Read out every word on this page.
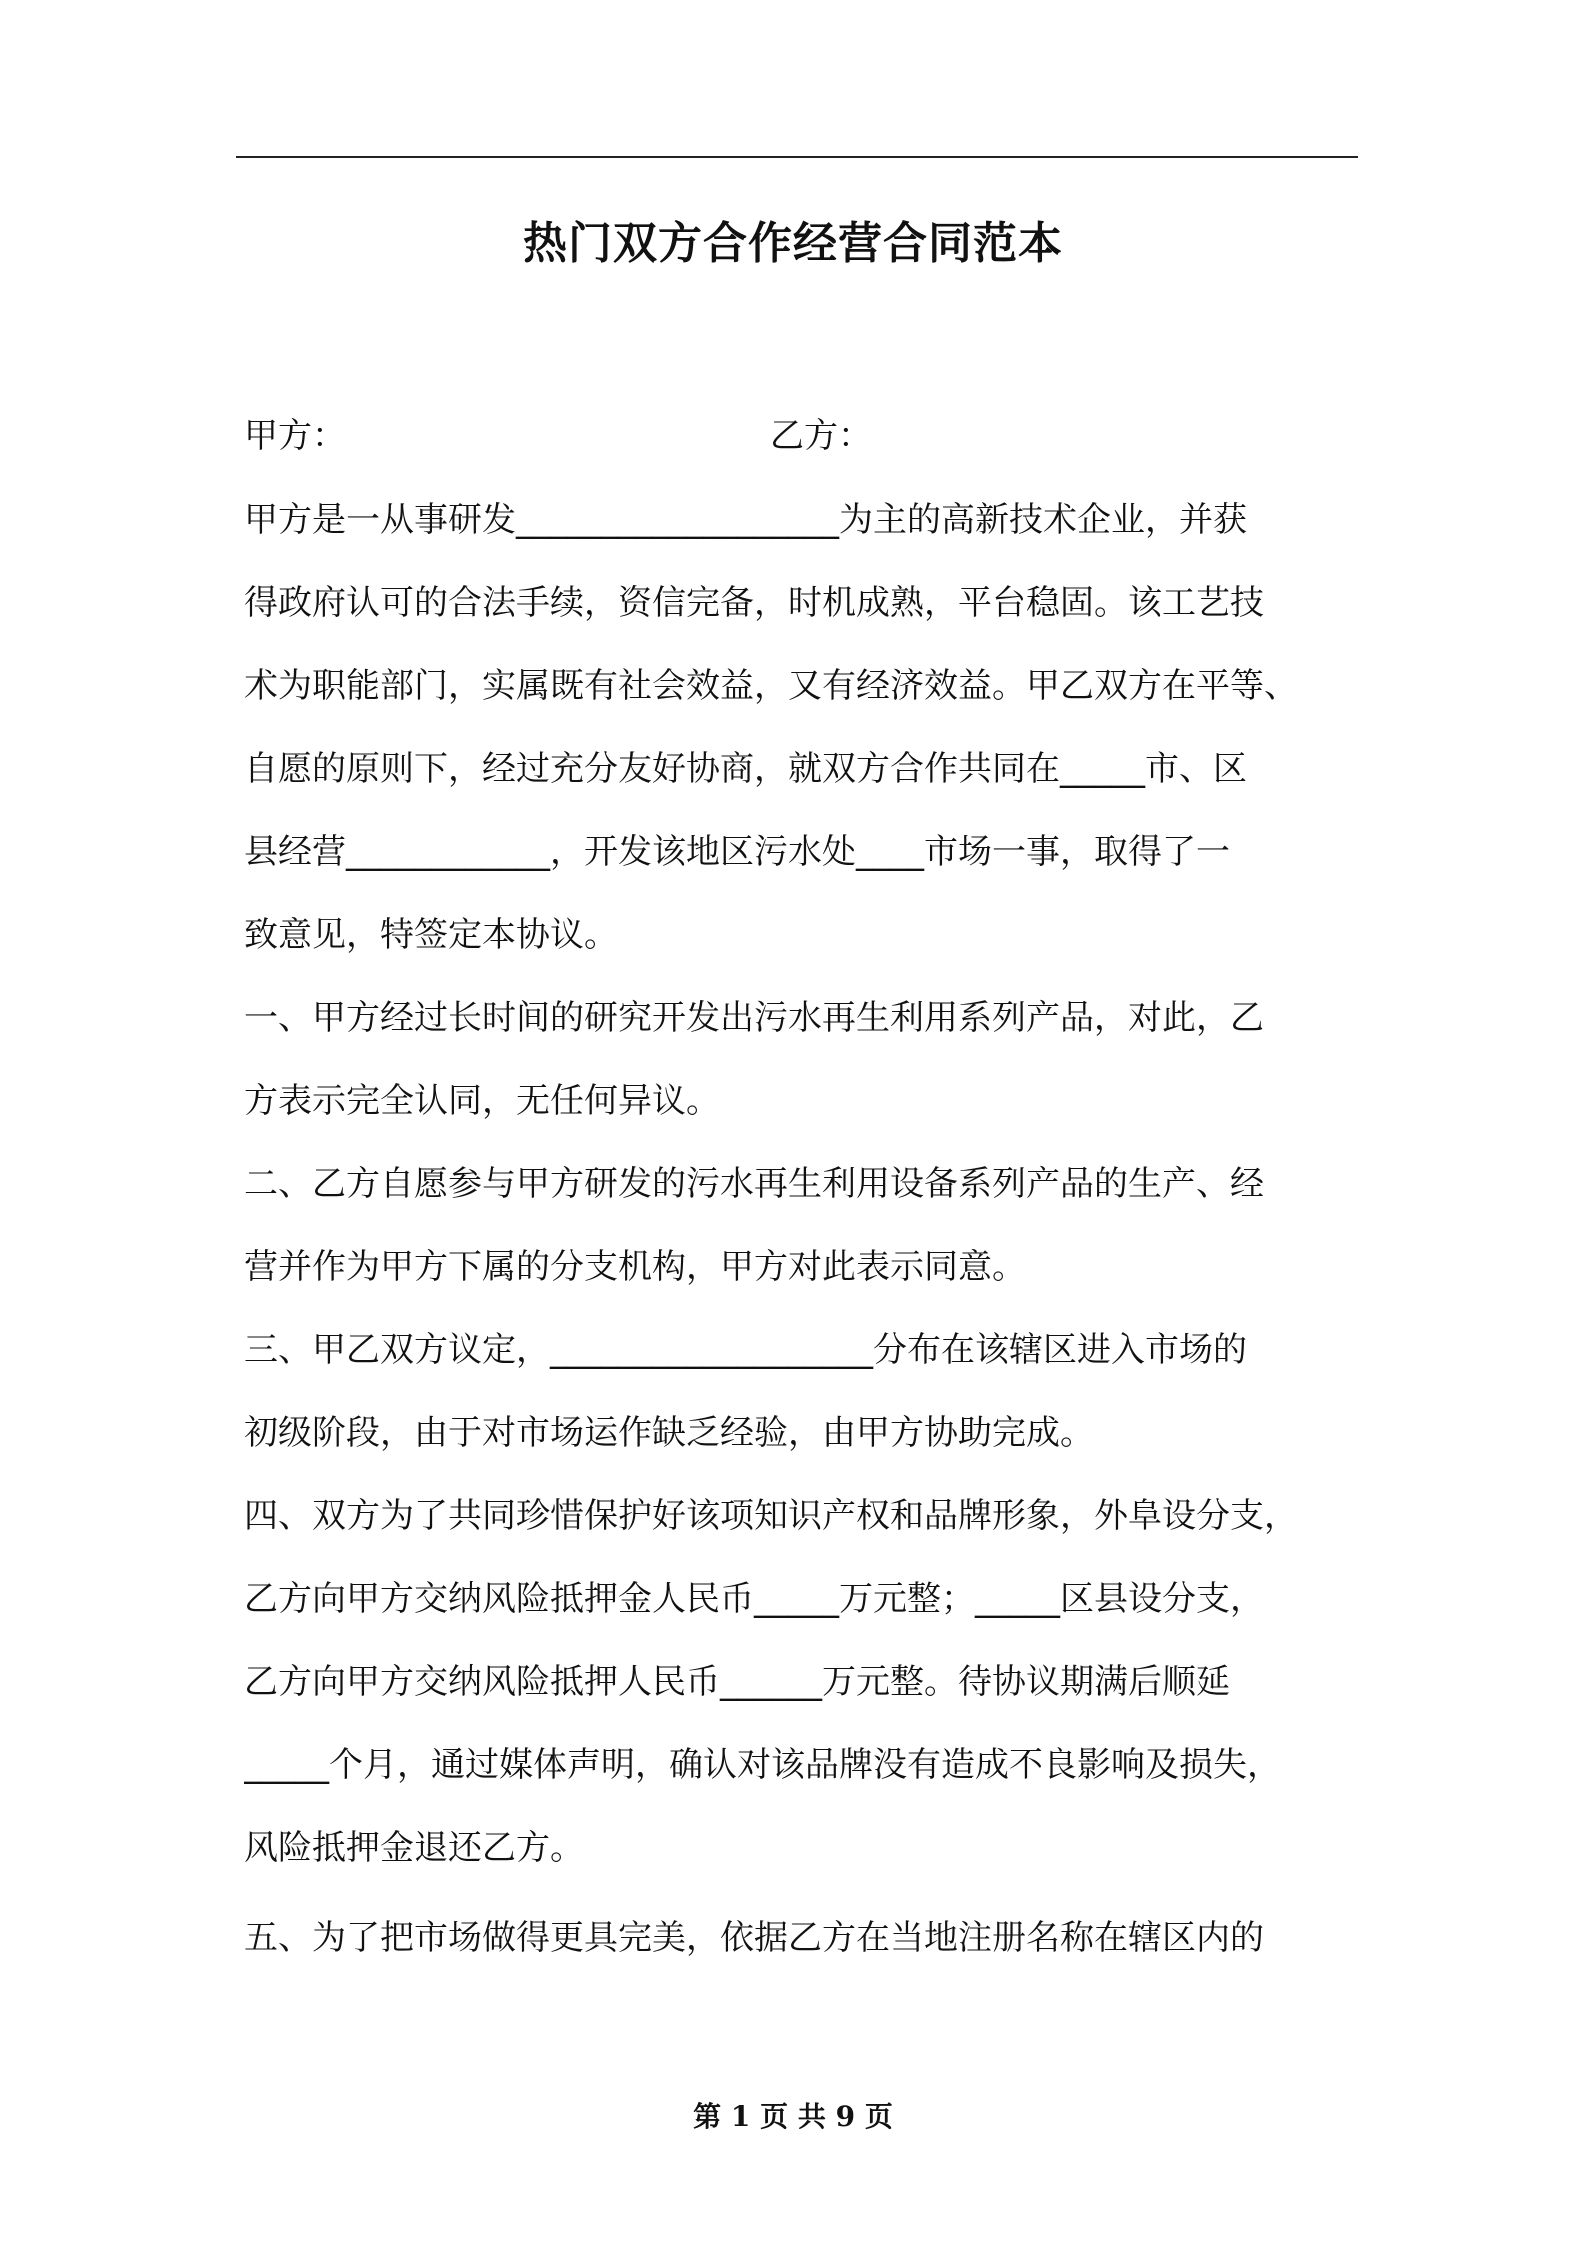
热门双方合作经营合同范本
甲方：	乙方：
甲方是一从事研发___________________为主的高新技术企业，并获
得政府认可的合法手续，资信完备，时机成熟，平台稳固。该工艺技
术为职能部门，实属既有社会效益，又有经济效益。甲乙双方在平等、
自愿的原则下，经过充分友好协商，就双方合作共同在_____市、区
县经营____________，开发该地区污水处____市场一事，取得了一
致意见，特签定本协议。
一、甲方经过长时间的研究开发出污水再生利用系列产品，对此，乙
方表示完全认同，无任何异议。
二、乙方自愿参与甲方研发的污水再生利用设备系列产品的生产、经
营并作为甲方下属的分支机构，甲方对此表示同意。
三、甲乙双方议定，___________________分布在该辖区进入市场的
初级阶段，由于对市场运作缺乏经验，由甲方协助完成。
四、双方为了共同珍惜保护好该项知识产权和品牌形象，外阜设分支，
乙方向甲方交纳风险抵押金人民币_____万元整；_____区县设分支，
乙方向甲方交纳风险抵押人民币______万元整。待协议期满后顺延
_____个月，通过媒体声明，确认对该品牌没有造成不良影响及损失，
风险抵押金退还乙方。
五、为了把市场做得更具完美，依据乙方在当地注册名称在辖区内的
第 1 页 共 9 页
